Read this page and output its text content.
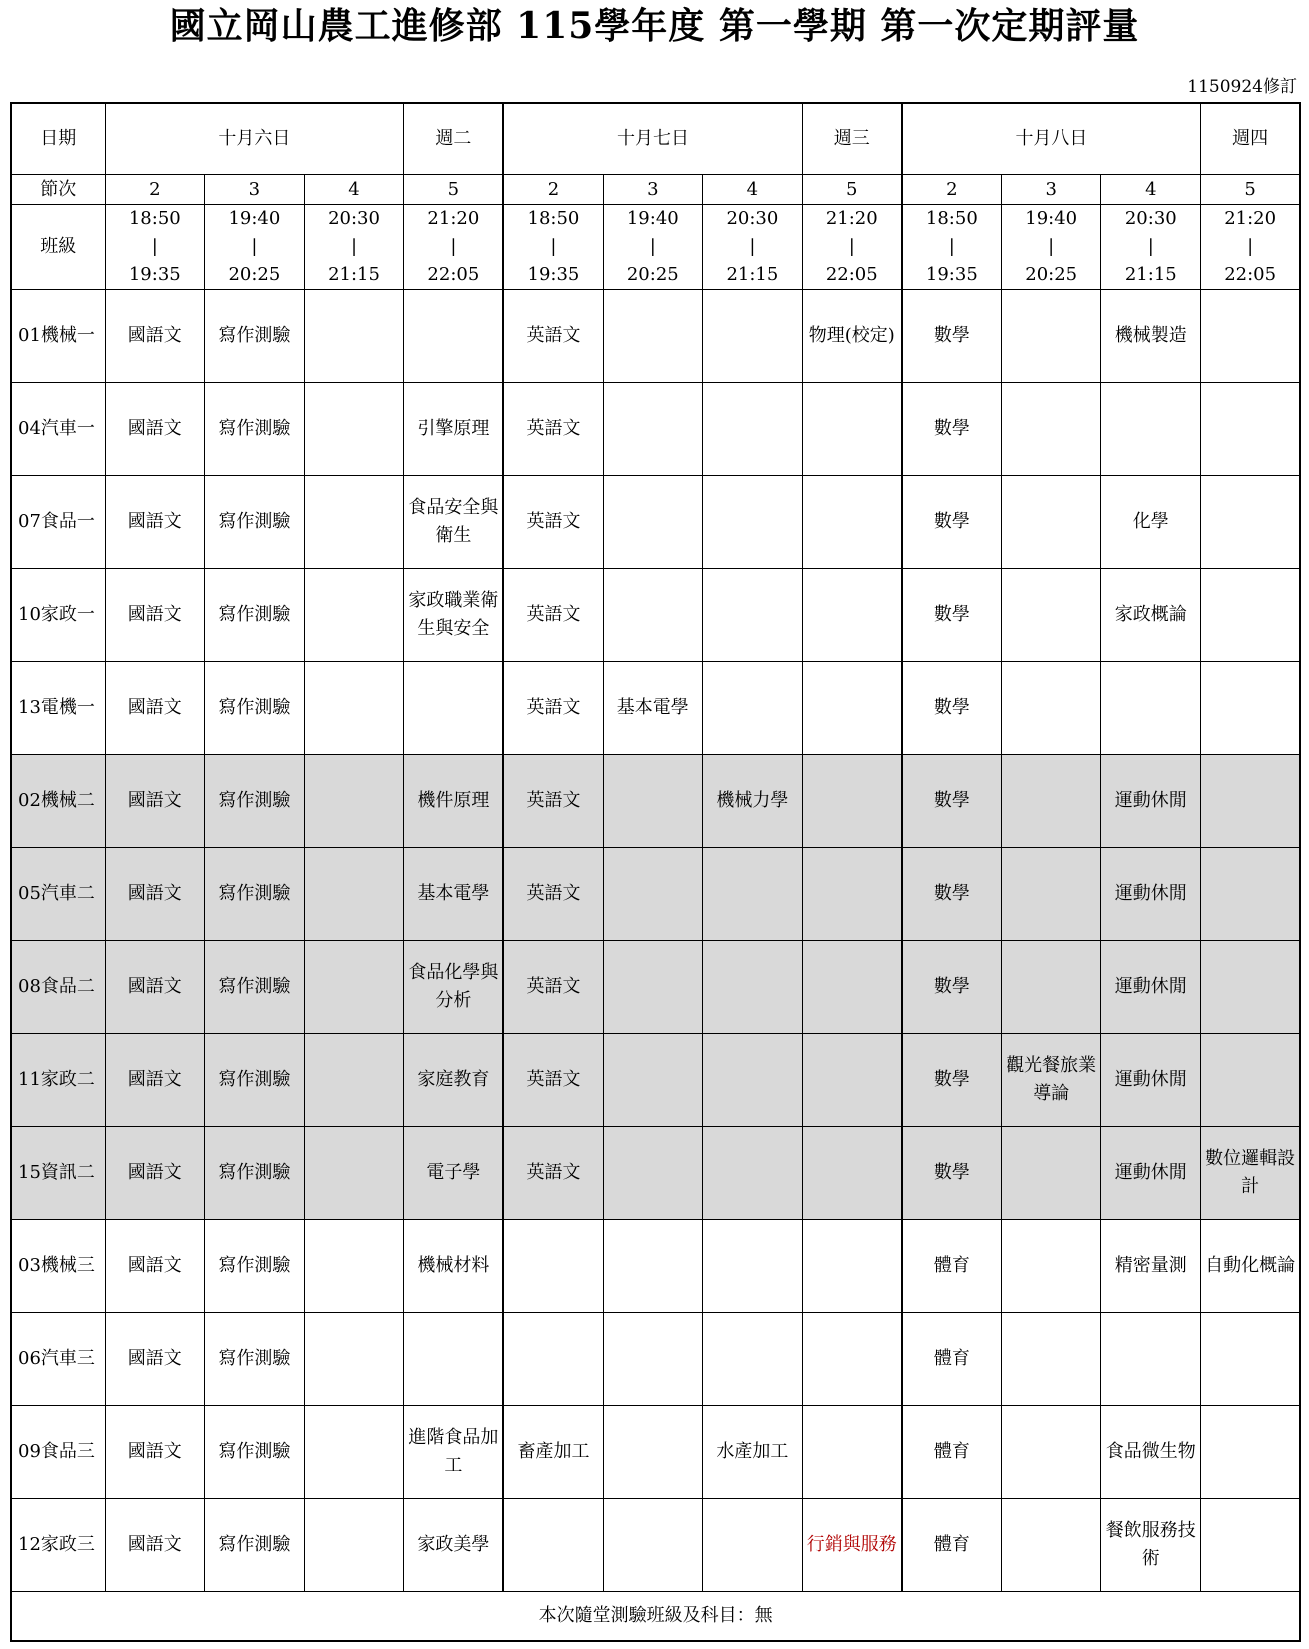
國立岡山農工進修部 115學年度 第一學期 第一次定期評量
1150924修訂
日期	十月六日			週二	十月七日			週三	十月八日			週四
節次	2	3	4	5	2	3	4	5	2	3	4	5
班級	18:50
|
19:35	19:40
|
20:25	20:30
|
21:15	21:20
|
22:05	18:50
|
19:35	19:40
|
20:25	20:30
|
21:15	21:20
|
22:05	18:50
|
19:35	19:40
|
20:25	20:30
|
21:15	21:20
|
22:05

01機械一	國語文	寫作測驗			英語文			物理(校定)	數學		機械製造	
04汽車一	國語文	寫作測驗		引擎原理	英語文				數學			
07食品一	國語文	寫作測驗		食品安全與衛生	英語文				數學		化學	
10家政一	國語文	寫作測驗		家政職業衛生與安全	英語文				數學		家政概論	
13電機一	國語文	寫作測驗			英語文	基本電學			數學			
02機械二	國語文	寫作測驗		機件原理	英語文		機械力學		數學		運動休閒	
05汽車二	國語文	寫作測驗		基本電學	英語文				數學		運動休閒	
08食品二	國語文	寫作測驗		食品化學與分析	英語文				數學		運動休閒	
11家政二	國語文	寫作測驗		家庭教育	英語文				數學	觀光餐旅業導論	運動休閒	
15資訊二	國語文	寫作測驗		電子學	英語文				數學		運動休閒	數位邏輯設計
03機械三	國語文	寫作測驗		機械材料					體育		精密量測	自動化概論
06汽車三	國語文	寫作測驗							體育			
09食品三	國語文	寫作測驗		進階食品加工	畜產加工		水產加工		體育		食品微生物	
12家政三	國語文	寫作測驗		家政美學				行銷與服務	體育		餐飲服務技術	
本次隨堂測驗班級及科目：無												
